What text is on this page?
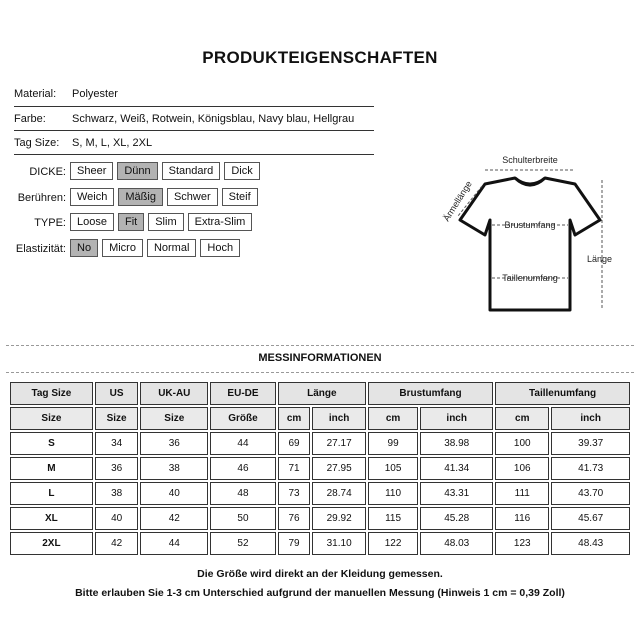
PRODUKTEIGENSCHAFTEN
Material: Polyester
Farbe: Schwarz, Weiß, Rotwein, Königsblau, Navy blau, Hellgrau
Tag Size: S, M, L, XL, 2XL
DICKE:	Sheer	Dünn	Standard	Dick
Berühren:	Weich	Mäßig	Schwer	Steif
TYPE:	Loose	Fit	Slim	Extra-Slim
Elastizität:	No	Micro	Normal	Hoch
Schulterbreite
Ärmellänge
Brustumfang
Taillenumfang
Länge
MESSINFORMATIONEN
Tag Size	US	UK-AU	EU-DE	Länge		Brustumfang		Taillenumfang	
Size	Size	Size	Größe	cm	inch	cm	inch	cm	inch
S	34	36	44	69	27.17	99	38.98	100	39.37
M	36	38	46	71	27.95	105	41.34	106	41.73
L	38	40	48	73	28.74	110	43.31	111	43.70
XL	40	42	50	76	29.92	115	45.28	116	45.67
2XL	42	44	52	79	31.10	122	48.03	123	48.43
Die Größe wird direkt an der Kleidung gemessen.
Bitte erlauben Sie 1-3 cm Unterschied aufgrund der manuellen Messung (Hinweis 1 cm = 0,39 Zoll)
